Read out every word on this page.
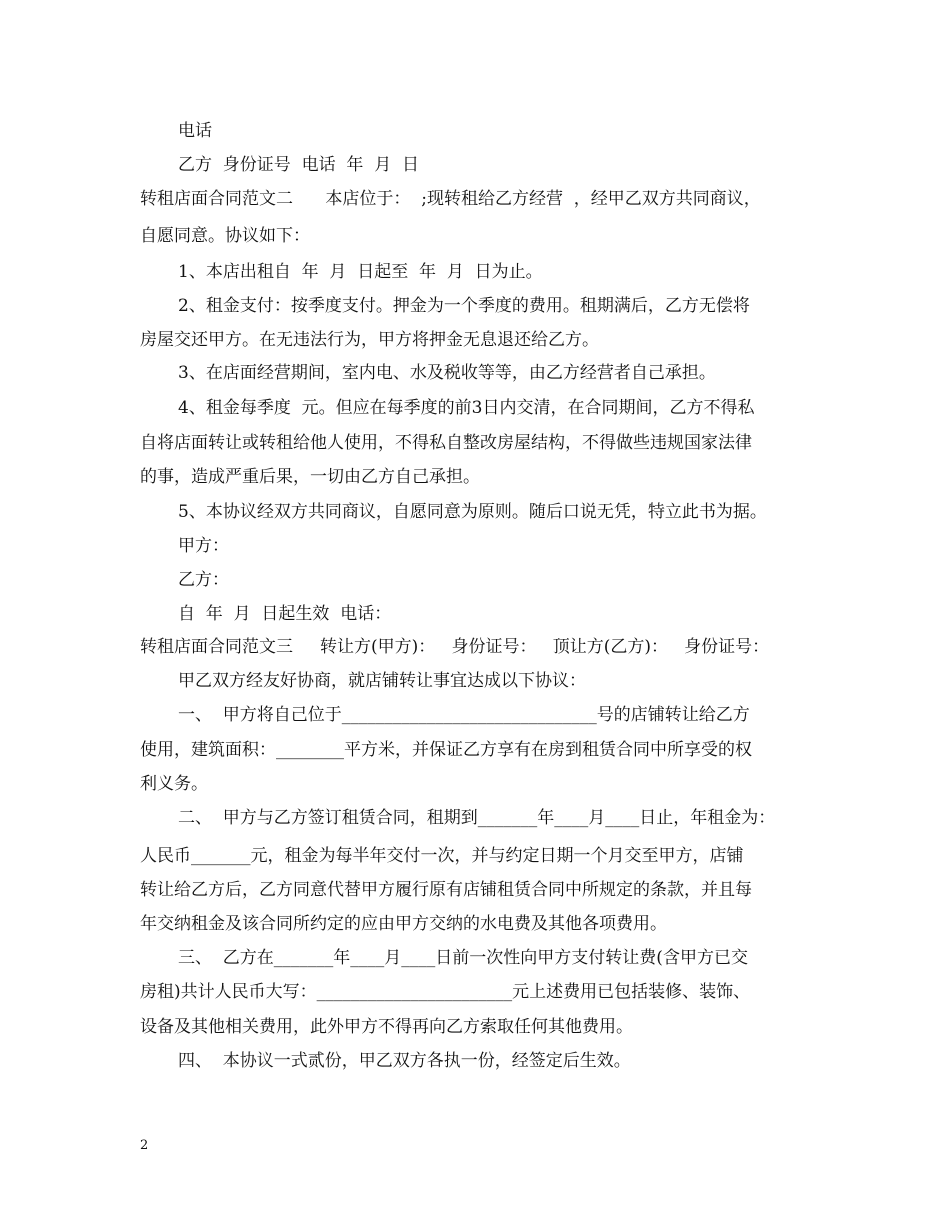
电话
乙方  身份证号  电话  年  月  日
转租店面合同范文二      本店位于：  ;现转租给乙方经营  ，经甲乙双方共同商议，
自愿同意。协议如下：
1、本店出租自  年  月  日起至  年  月  日为止。
2、租金支付：按季度支付。押金为一个季度的费用。租期满后，乙方无偿将
房屋交还甲方。在无违法行为，甲方将押金无息退还给乙方。
3、在店面经营期间，室内电、水及税收等等，由乙方经营者自己承担。
4、租金每季度  元。但应在每季度的前3日内交清，在合同期间，乙方不得私
自将店面转让或转租给他人使用，不得私自整改房屋结构，不得做些违规国家法律
的事，造成严重后果，一切由乙方自己承担。
5、本协议经双方共同商议，自愿同意为原则。随后口说无凭，特立此书为据。
甲方：
乙方：
自  年  月  日起生效  电话：
转租店面合同范文三     转让方(甲方)：   身份证号：   顶让方(乙方)：   身份证号：
甲乙双方经友好协商，就店铺转让事宜达成以下协议：
一、  甲方将自己位于______________________________号的店铺转让给乙方
使用，建筑面积：________平方米，并保证乙方享有在房到租赁合同中所享受的权
利义务。
二、  甲方与乙方签订租赁合同，租期到_______年____月____日止，年租金为：
人民币_______元，租金为每半年交付一次，并与约定日期一个月交至甲方，店铺
转让给乙方后，乙方同意代替甲方履行原有店铺租赁合同中所规定的条款，并且每
年交纳租金及该合同所约定的应由甲方交纳的水电费及其他各项费用。
三、  乙方在_______年____月____日前一次性向甲方支付转让费(含甲方已交
房租)共计人民币大写：_______________________元上述费用已包括装修、装饰、
设备及其他相关费用，此外甲方不得再向乙方索取任何其他费用。
四、  本协议一式贰份，甲乙双方各执一份，经签定后生效。
2
